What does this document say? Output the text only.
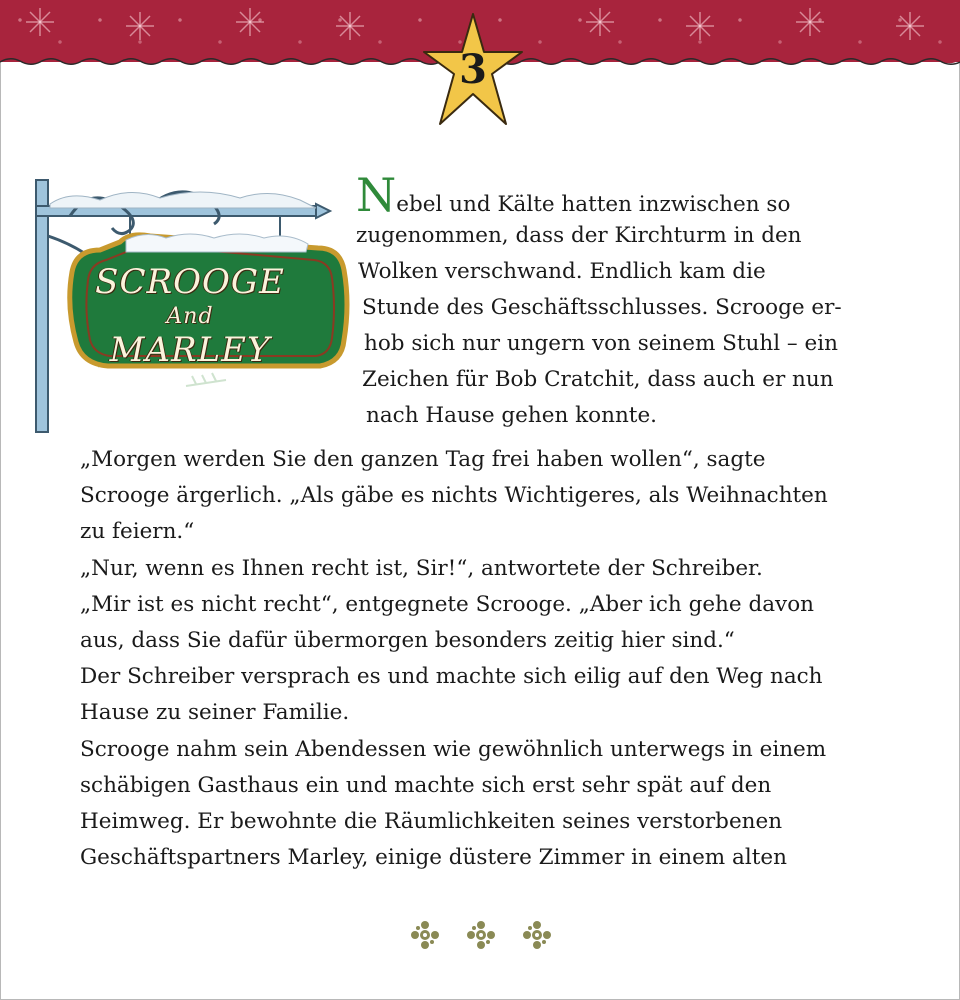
3
SCROOGE
And
MARLEY
Nebel und Kälte hatten inzwischen so
zugenommen, dass der Kirchturm in den
Wolken verschwand. Endlich kam die
Stunde des Geschäftsschlusses. Scrooge er-
hob sich nur ungern von seinem Stuhl – ein
Zeichen für Bob Cratchit, dass auch er nun
nach Hause gehen konnte.
„Morgen werden Sie den ganzen Tag frei haben wollen“, sagte
Scrooge ärgerlich. „Als gäbe es nichts Wichtigeres, als Weihnachten
zu feiern.“
„Nur, wenn es Ihnen recht ist, Sir!“, antwortete der Schreiber.
„Mir ist es nicht recht“, entgegnete Scrooge. „Aber ich gehe davon
aus, dass Sie dafür übermorgen besonders zeitig hier sind.“
Der Schreiber versprach es und machte sich eilig auf den Weg nach
Hause zu seiner Familie.
Scrooge nahm sein Abendessen wie gewöhnlich unterwegs in einem
schäbigen Gasthaus ein und machte sich erst sehr spät auf den
Heimweg. Er bewohnte die Räumlichkeiten seines verstorbenen
Geschäftspartners Marley, einige düstere Zimmer in einem alten
